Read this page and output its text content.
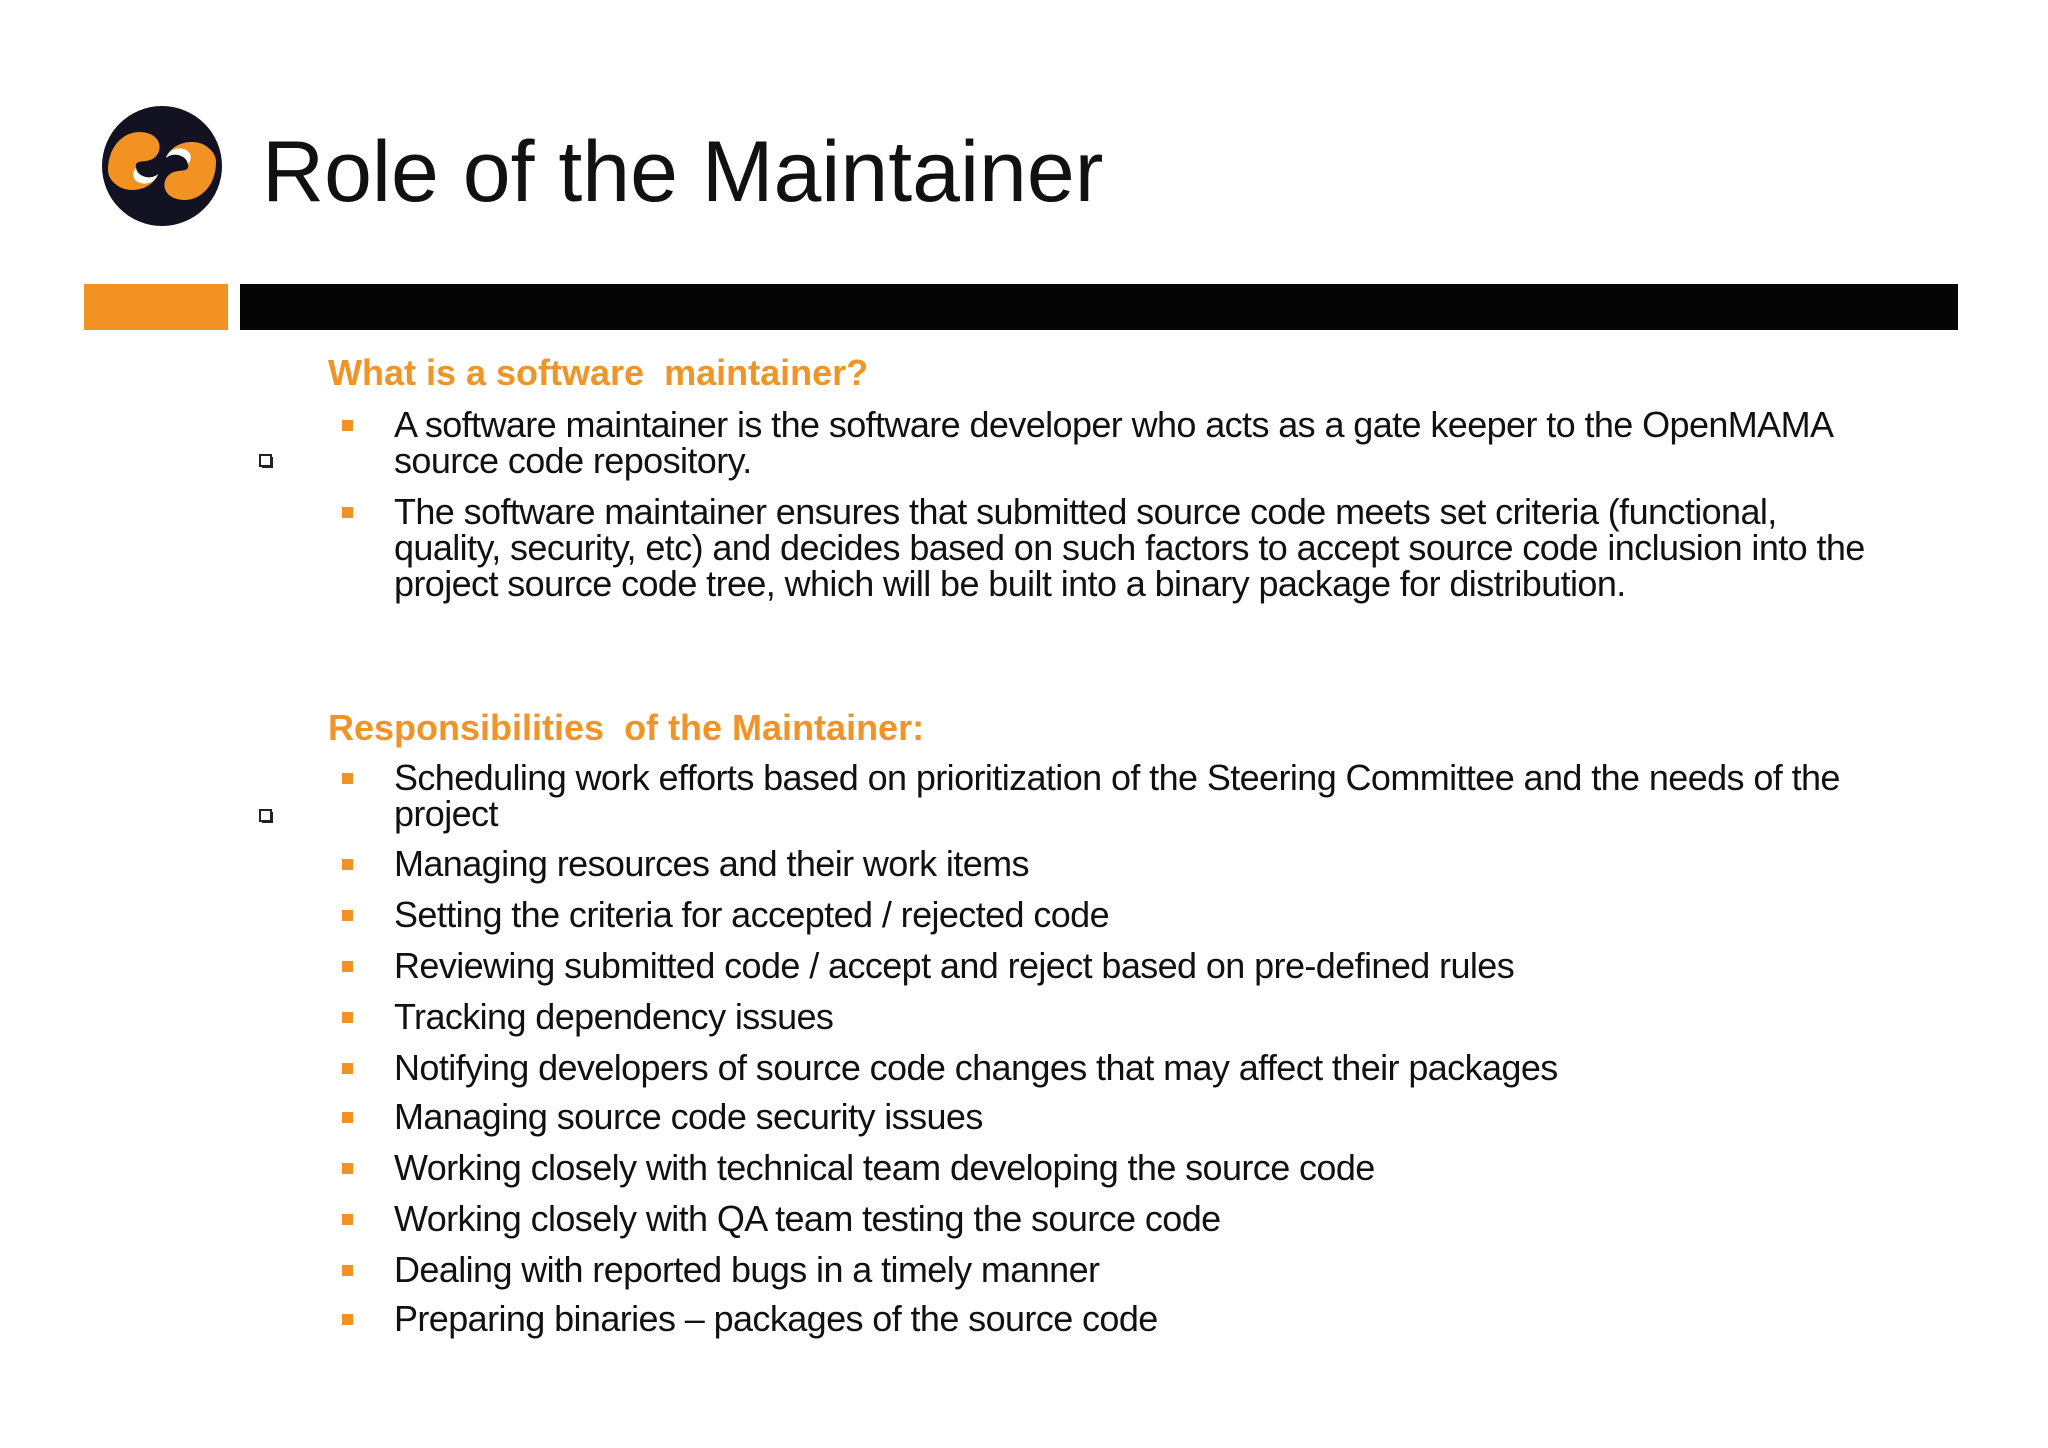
Role of the Maintainer

What is a software  maintainer?

A software maintainer is the software developer who acts as a gate keeper to the OpenMAMA source code repository.
The software maintainer ensures that submitted source code meets set criteria (functional, quality, security, etc) and decides based on such factors to accept source code inclusion into the project source code tree, which will be built into a binary package for distribution.

Responsibilities  of the Maintainer:

Scheduling work efforts based on prioritization of the Steering Committee and the needs of the project
Managing resources and their work items
Setting the criteria for accepted / rejected code
Reviewing submitted code / accept and reject based on pre-defined rules
Tracking dependency issues
Notifying developers of source code changes that may affect their packages
Managing source code security issues
Working closely with technical team developing the source code
Working closely with QA team testing the source code
Dealing with reported bugs in a timely manner
Preparing binaries – packages of the source code
